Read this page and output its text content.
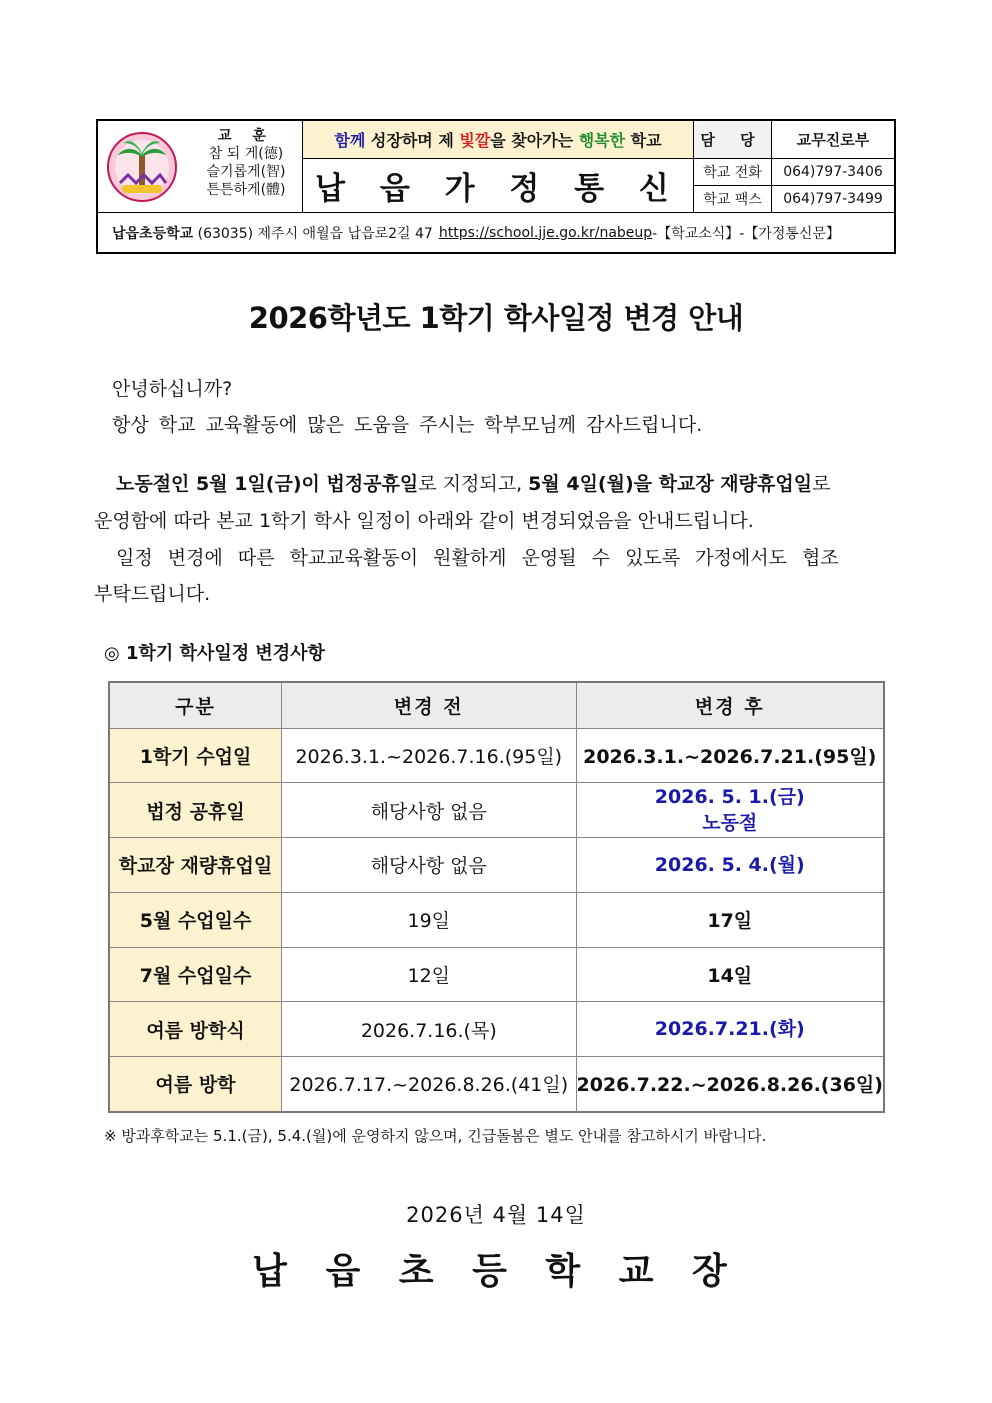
교 훈
참 되 게(德)
슬기롭게(智)
튼튼하게(體)
함께 성장하며 제 빛깔 을 찾아가는 행복한 학교
납 읍 가 정 통 신
담 당	교무진로부
학교 전화	064)797-3406
학교 팩스	064)797-3499
납읍초등학교
(63035) 제주시 애월읍 납읍로2길 47 https://school.jje.go.kr/nabeup -【학교소식】-【가정통신문】
2026학년도 1학기 학사일정 변경 안내
안녕하십니까?
항상 학교 교육활동에 많은 도움을 주시는 학부모님께 감사드립니다.
노동절인 5월 1일(금)이 법정공휴일로 지정되고, 5월 4일(월)을 학교장 재량휴업일로
운영함에 따라 본교 1학기 학사 일정이 아래와 같이 변경되었음을 안내드립니다.
일정 변경에 따른 학교교육활동이 원활하게 운영될 수 있도록 가정에서도 협조
부탁드립니다.
◎ 1학기 학사일정 변경사항
구분	변경 전	변경 후
1학기 수업일	2026.3.1.~2026.7.16.(95일)	2026.3.1.~2026.7.21.(95일)
법정 공휴일	해당사항 없음	2026. 5. 1.(금)
노동절

학교장 재량휴업일	해당사항 없음	2026. 5. 4.(월)
5월 수업일수	19일	17일
7월 수업일수	12일	14일
여름 방학식	2026.7.16.(목)	2026.7.21.(화)
여름 방학	2026.7.17.~2026.8.26.(41일)	2026.7.22.~2026.8.26.(36일)
※ 방과후학교는 5.1.(금), 5.4.(월)에 운영하지 않으며, 긴급돌봄은 별도 안내를 참고하시기 바랍니다.
2026년 4월 14일
납 읍 초 등 학 교 장
